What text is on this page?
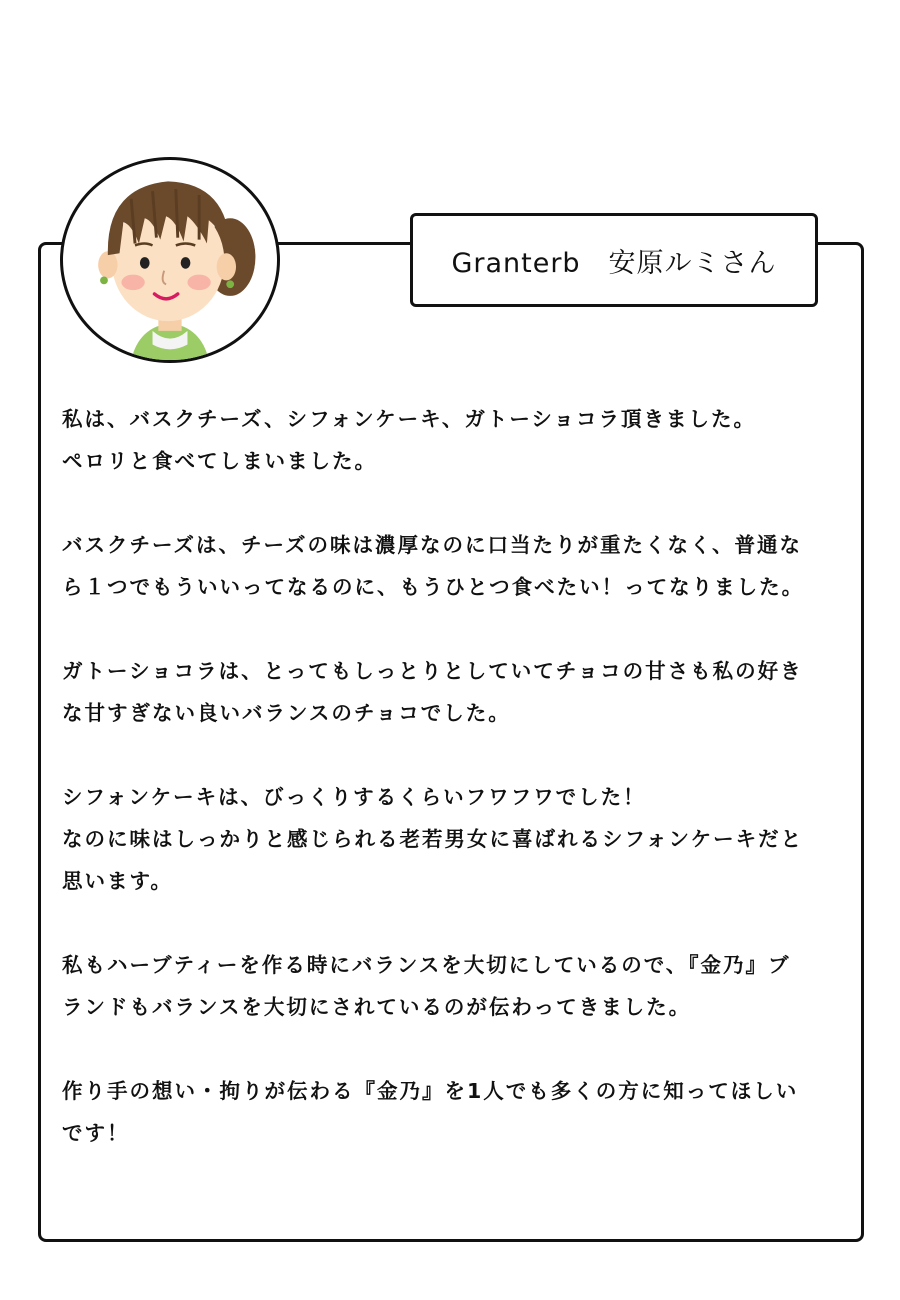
Granterb　安原ルミさん

私は、バスクチーズ、シフォンケーキ、ガトーショコラ頂きました。
ペロリと食べてしまいました。

バスクチーズは、チーズの味は濃厚なのに口当たりが重たくなく、普通な
ら１つでもういいってなるのに、もうひとつ食べたい！ってなりました。

ガトーショコラは、とってもしっとりとしていてチョコの甘さも私の好き
な甘すぎない良いバランスのチョコでした。

シフォンケーキは、びっくりするくらいフワフワでした！
なのに味はしっかりと感じられる老若男女に喜ばれるシフォンケーキだと
思います。

私もハーブティーを作る時にバランスを大切にしているので、『金乃』ブ
ランドもバランスを大切にされているのが伝わってきました。

作り手の想い・拘りが伝わる『金乃』を1人でも多くの方に知ってほしい
です！
